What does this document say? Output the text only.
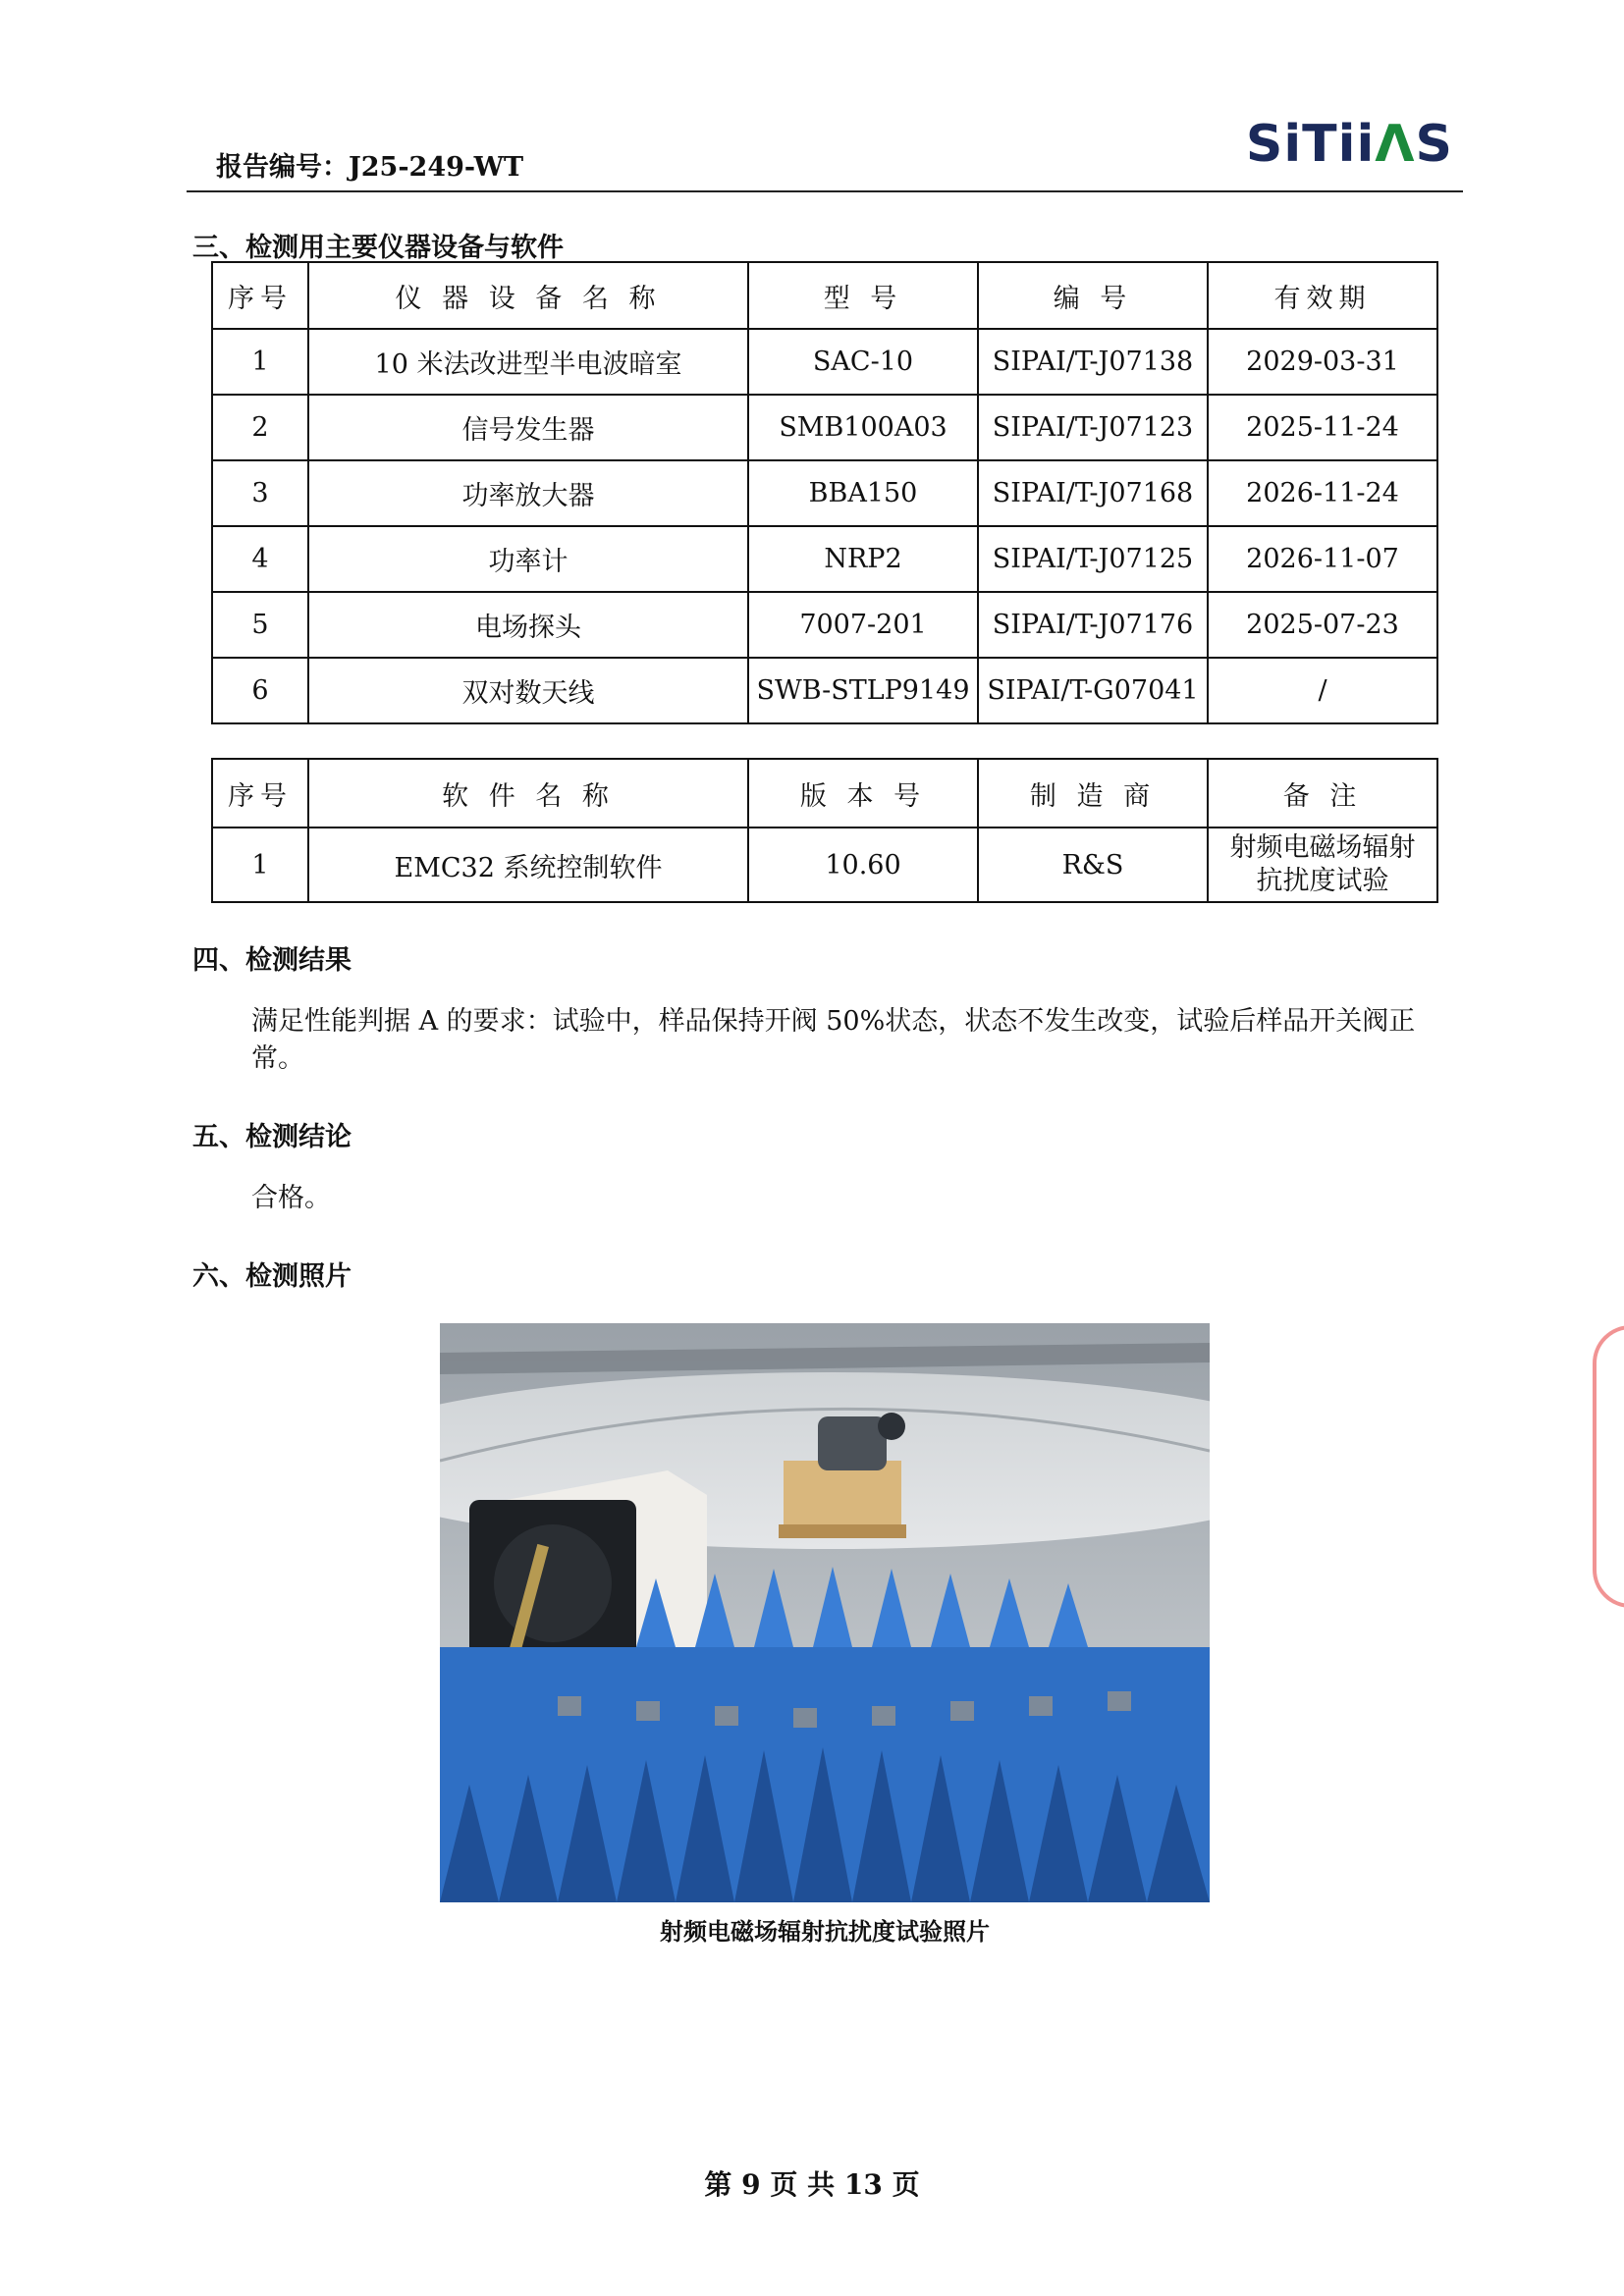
报告编号：J25-249-WT	SiTii Λ S
三、检测用主要仪器设备与软件
序号	仪 器 设 备 名 称	型 号	编 号	有效期
1	10 米法改进型半电波暗室	SAC-10	SIPAI/T-J07138	2029-03-31
2	信号发生器	SMB100A03	SIPAI/T-J07123	2025-11-24
3	功率放大器	BBA150	SIPAI/T-J07168	2026-11-24
4	功率计	NRP2	SIPAI/T-J07125	2026-11-07
5	电场探头	7007-201	SIPAI/T-J07176	2025-07-23
6	双对数天线	SWB-STLP9149	SIPAI/T-G07041	/
序号	软 件 名 称	版 本 号	制 造 商	备 注
1	EMC32 系统控制软件	10.60	R&S	射频电磁场辐射抗扰度试验
四、检测结果
满足性能判据 A 的要求：试验中，样品保持开阀 50%状态，状态不发生改变，试验后样品开关阀正常。
五、检测结论
合格。
六、检测照片
射频电磁场辐射抗扰度试验照片
第 9 页 共 13 页
